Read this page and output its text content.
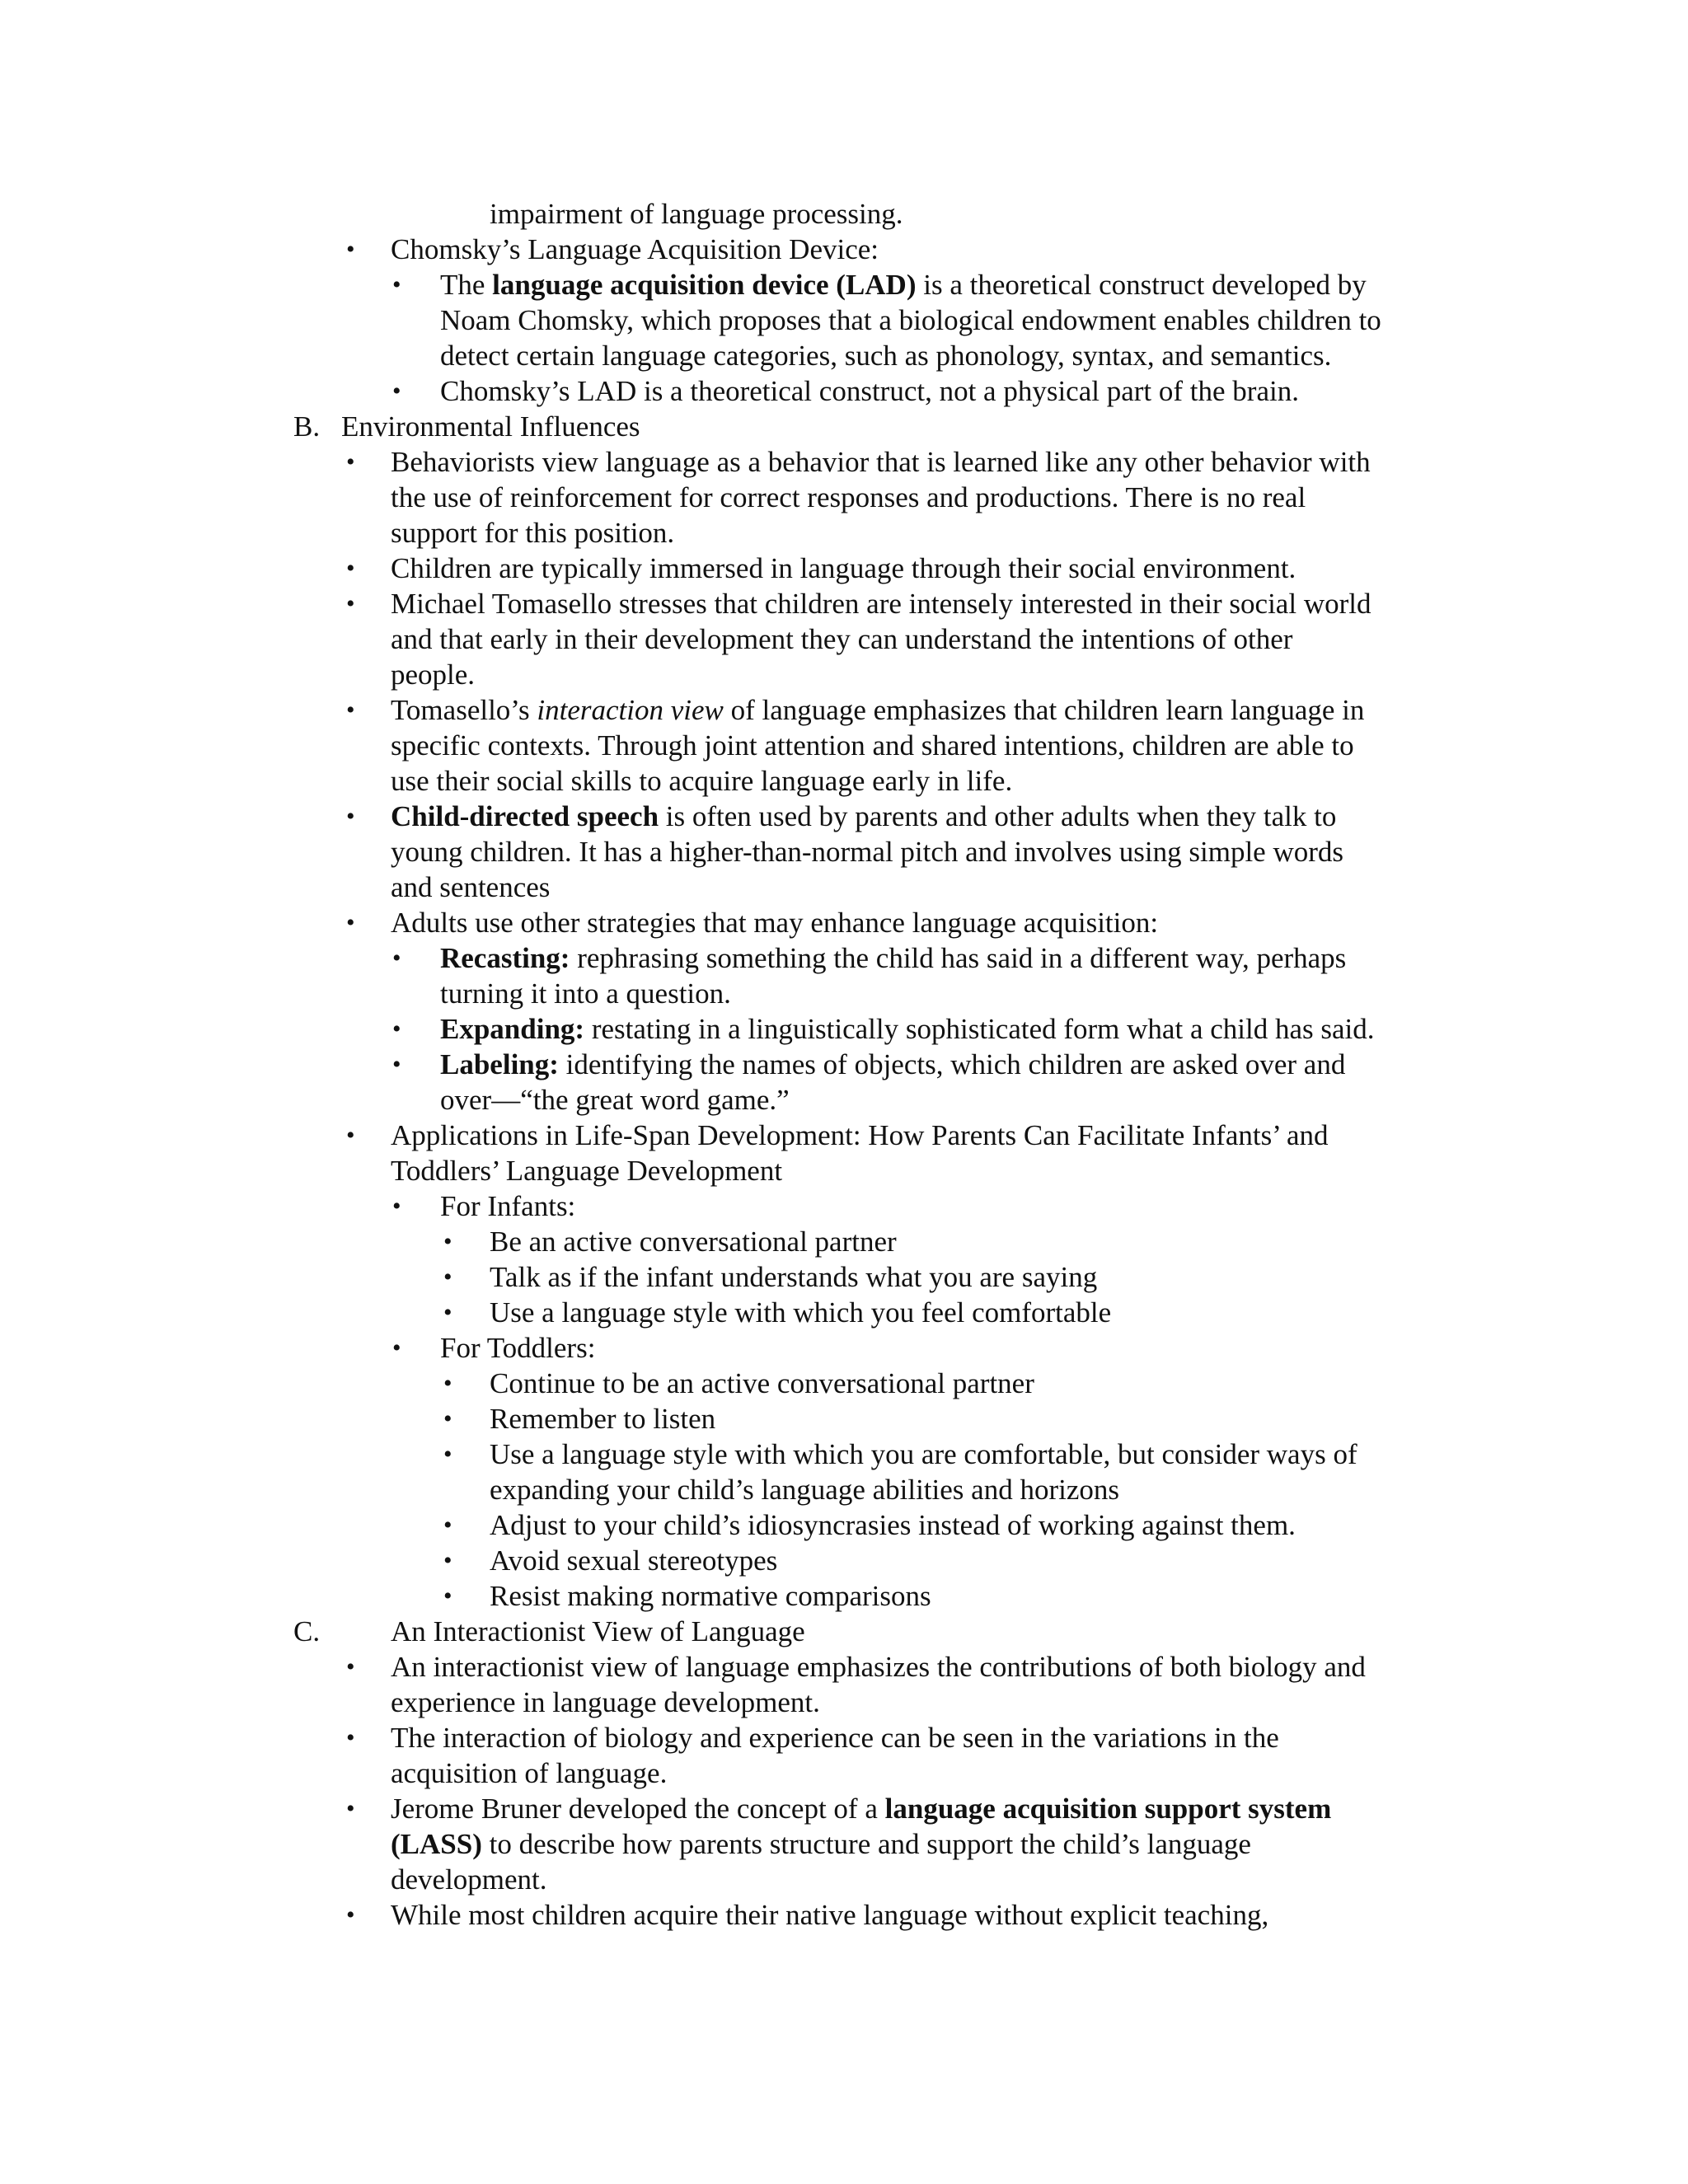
impairment of language processing.
• Chomsky’s Language Acquisition Device:
• The language acquisition device (LAD) is a theoretical construct developed by
Noam Chomsky, which proposes that a biological endowment enables children to
detect certain language categories, such as phonology, syntax, and semantics.
• Chomsky’s LAD is a theoretical construct, not a physical part of the brain.
B. Environmental Influences
• Behaviorists view language as a behavior that is learned like any other behavior with
the use of reinforcement for correct responses and productions. There is no real
support for this position.
• Children are typically immersed in language through their social environment.
• Michael Tomasello stresses that children are intensely interested in their social world
and that early in their development they can understand the intentions of other
people.
• Tomasello’s interaction view of language emphasizes that children learn language in
specific contexts. Through joint attention and shared intentions, children are able to
use their social skills to acquire language early in life.
• Child-directed speech is often used by parents and other adults when they talk to
young children. It has a higher-than-normal pitch and involves using simple words
and sentences
• Adults use other strategies that may enhance language acquisition:
• Recasting: rephrasing something the child has said in a different way, perhaps
turning it into a question.
• Expanding: restating in a linguistically sophisticated form what a child has said.
• Labeling: identifying the names of objects, which children are asked over and
over—“the great word game.”
• Applications in Life-Span Development: How Parents Can Facilitate Infants’ and
Toddlers’ Language Development
• For Infants:
• Be an active conversational partner
• Talk as if the infant understands what you are saying
• Use a language style with which you feel comfortable
• For Toddlers:
• Continue to be an active conversational partner
• Remember to listen
• Use a language style with which you are comfortable, but consider ways of
expanding your child’s language abilities and horizons
• Adjust to your child’s idiosyncrasies instead of working against them.
• Avoid sexual stereotypes
• Resist making normative comparisons
C. An Interactionist View of Language
• An interactionist view of language emphasizes the contributions of both biology and
experience in language development.
• The interaction of biology and experience can be seen in the variations in the
acquisition of language.
• Jerome Bruner developed the concept of a language acquisition support system
(LASS) to describe how parents structure and support the child’s language
development.
• While most children acquire their native language without explicit teaching,
